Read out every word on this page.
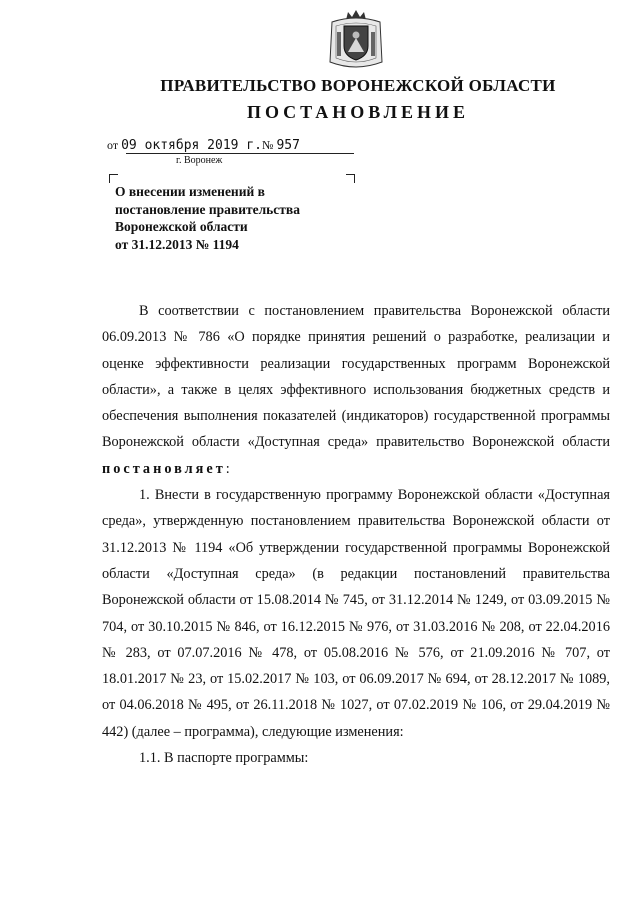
ПРАВИТЕЛЬСТВО ВОРОНЕЖСКОЙ ОБЛАСТИ
ПОСТАНОВЛЕНИЕ
от 09 октября 2019 г.№ 957
г. Воронеж
О внесении изменений в
постановление правительства
Воронежской области
от 31.12.2013 № 1194

В соответствии с постановлением правительства Воронежской области 06.09.2013 № 786 «О порядке принятия решений о разработке, реализации и оценке эффективности реализации государственных программ Воронежской области», а также в целях эффективного использования бюджетных средств и обеспечения выполнения показателей (индикаторов) государственной программы Воронежской области «Доступная среда» правительство Воронежской области постановляет:

1. Внести в государственную программу Воронежской области «Доступная среда», утвержденную постановлением правительства Воронежской области от 31.12.2013 № 1194 «Об утверждении государственной программы Воронежской области «Доступная среда» (в редакции постановлений правительства Воронежской области от 15.08.2014 № 745, от 31.12.2014 № 1249, от 03.09.2015 № 704, от 30.10.2015 № 846, от 16.12.2015 № 976, от 31.03.2016 № 208, от 22.04.2016 № 283, от 07.07.2016 № 478, от 05.08.2016 № 576, от 21.09.2016 № 707, от 18.01.2017 № 23, от 15.02.2017 № 103, от 06.09.2017 № 694, от 28.12.2017 № 1089, от 04.06.2018 № 495, от 26.11.2018 № 1027, от 07.02.2019 № 106, от 29.04.2019 № 442) (далее – программа), следующие изменения:

1.1. В паспорте программы:
